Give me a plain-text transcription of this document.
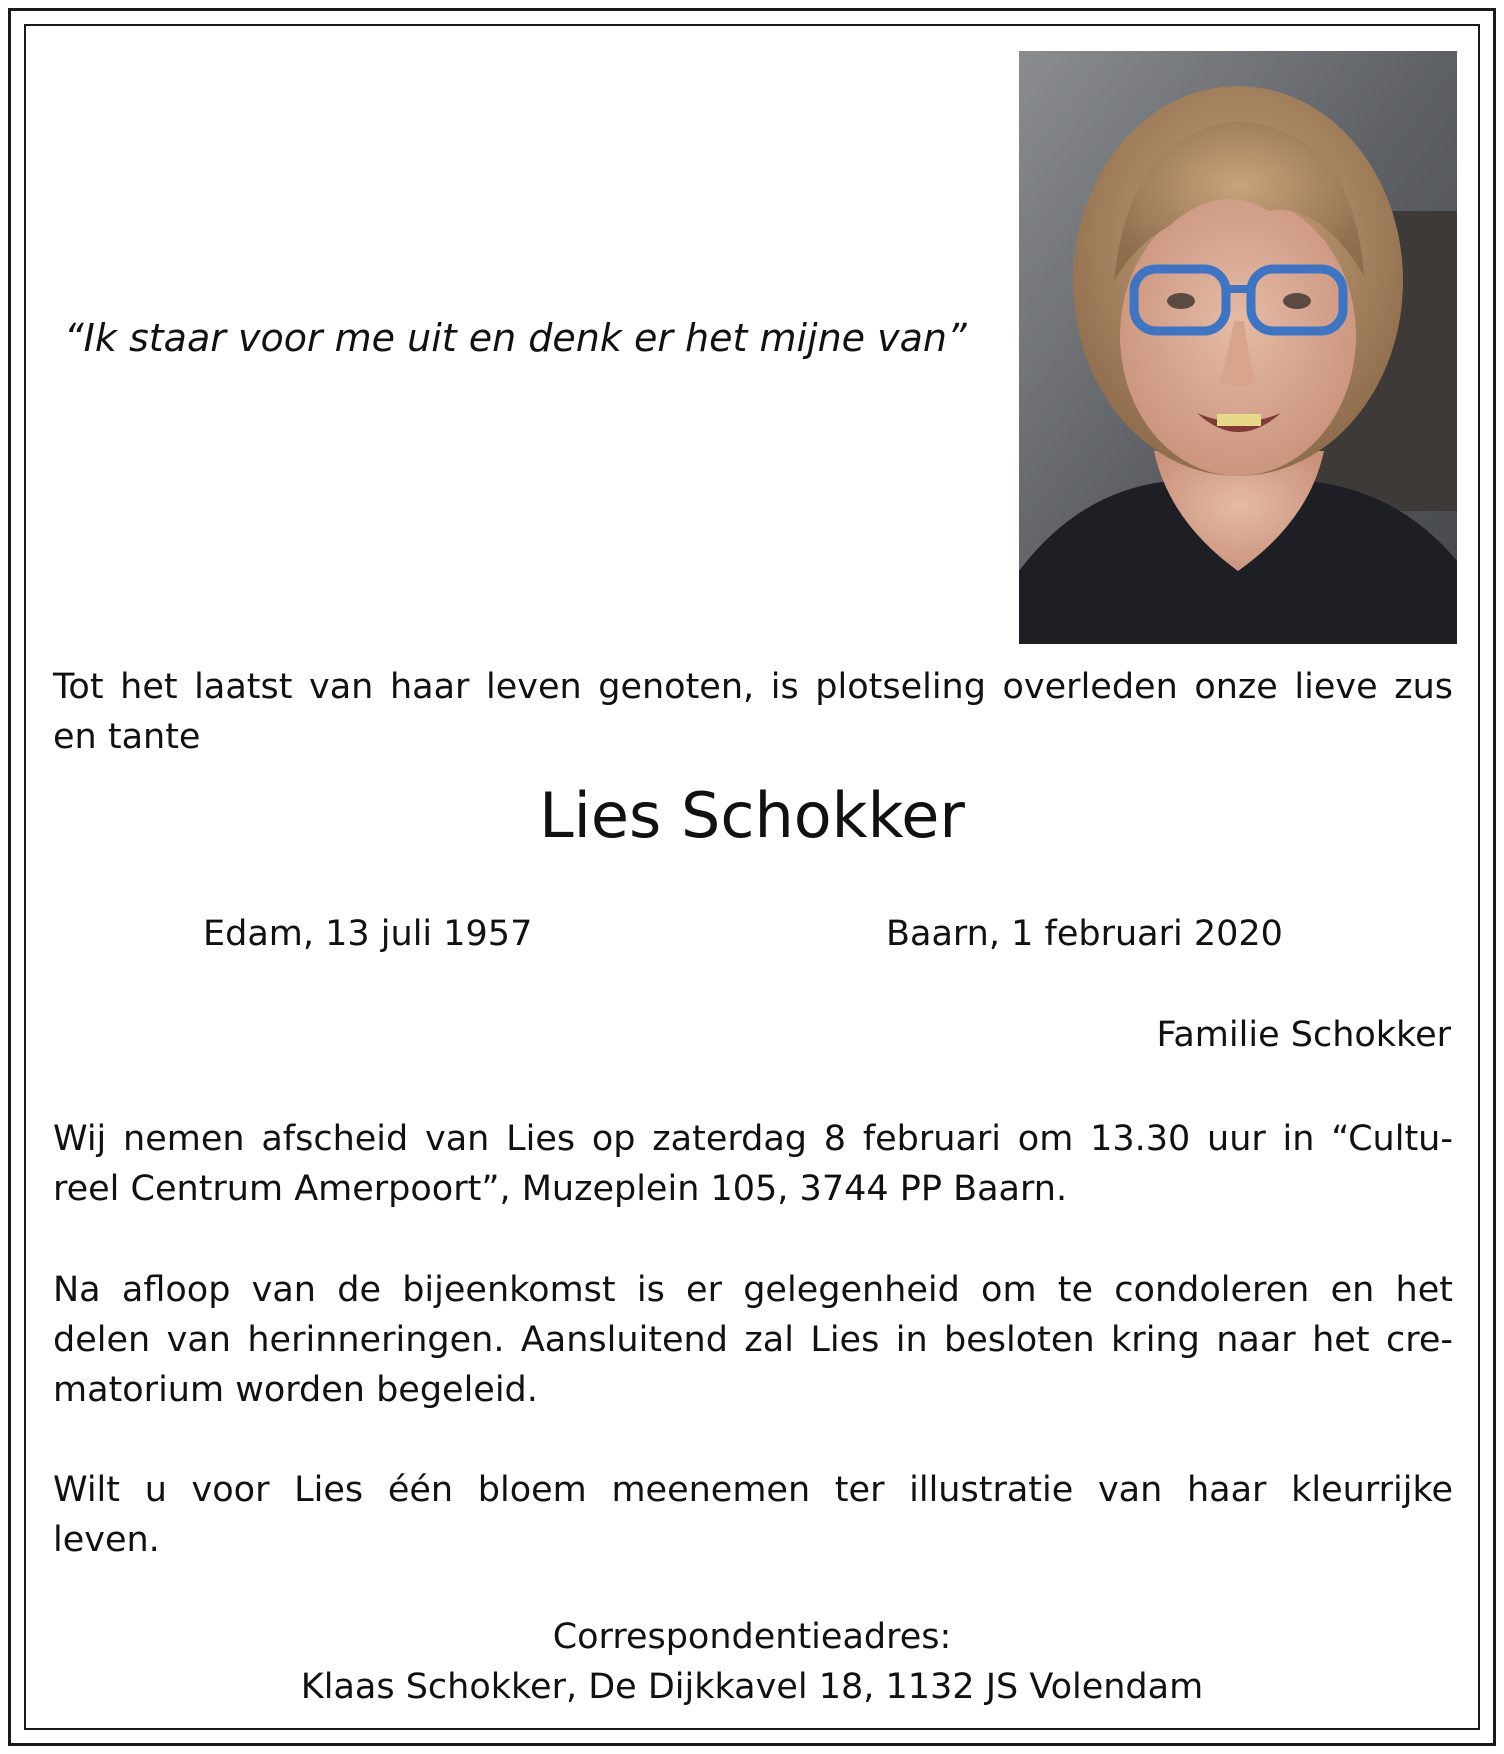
“Ik staar voor me uit en denk er het mijne van”
Tot het laatst van haar leven genoten, is plotseling overleden onze lieve zus
en tante
Lies Schokker
Edam, 13 juli 1957	Baarn, 1 februari 2020
Familie Schokker
Wij nemen afscheid van Lies op zaterdag 8 februari om 13.30 uur in “Cultu-
reel Centrum Amerpoort”, Muzeplein 105, 3744 PP Baarn.
Na afloop van de bijeenkomst is er gelegenheid om te condoleren en het
delen van herinneringen. Aansluitend zal Lies in besloten kring naar het cre-
matorium worden begeleid.
Wilt u voor Lies één bloem meenemen ter illustratie van haar kleurrijke
leven.
Correspondentieadres:
Klaas Schokker, De Dijkkavel 18, 1132 JS Volendam
